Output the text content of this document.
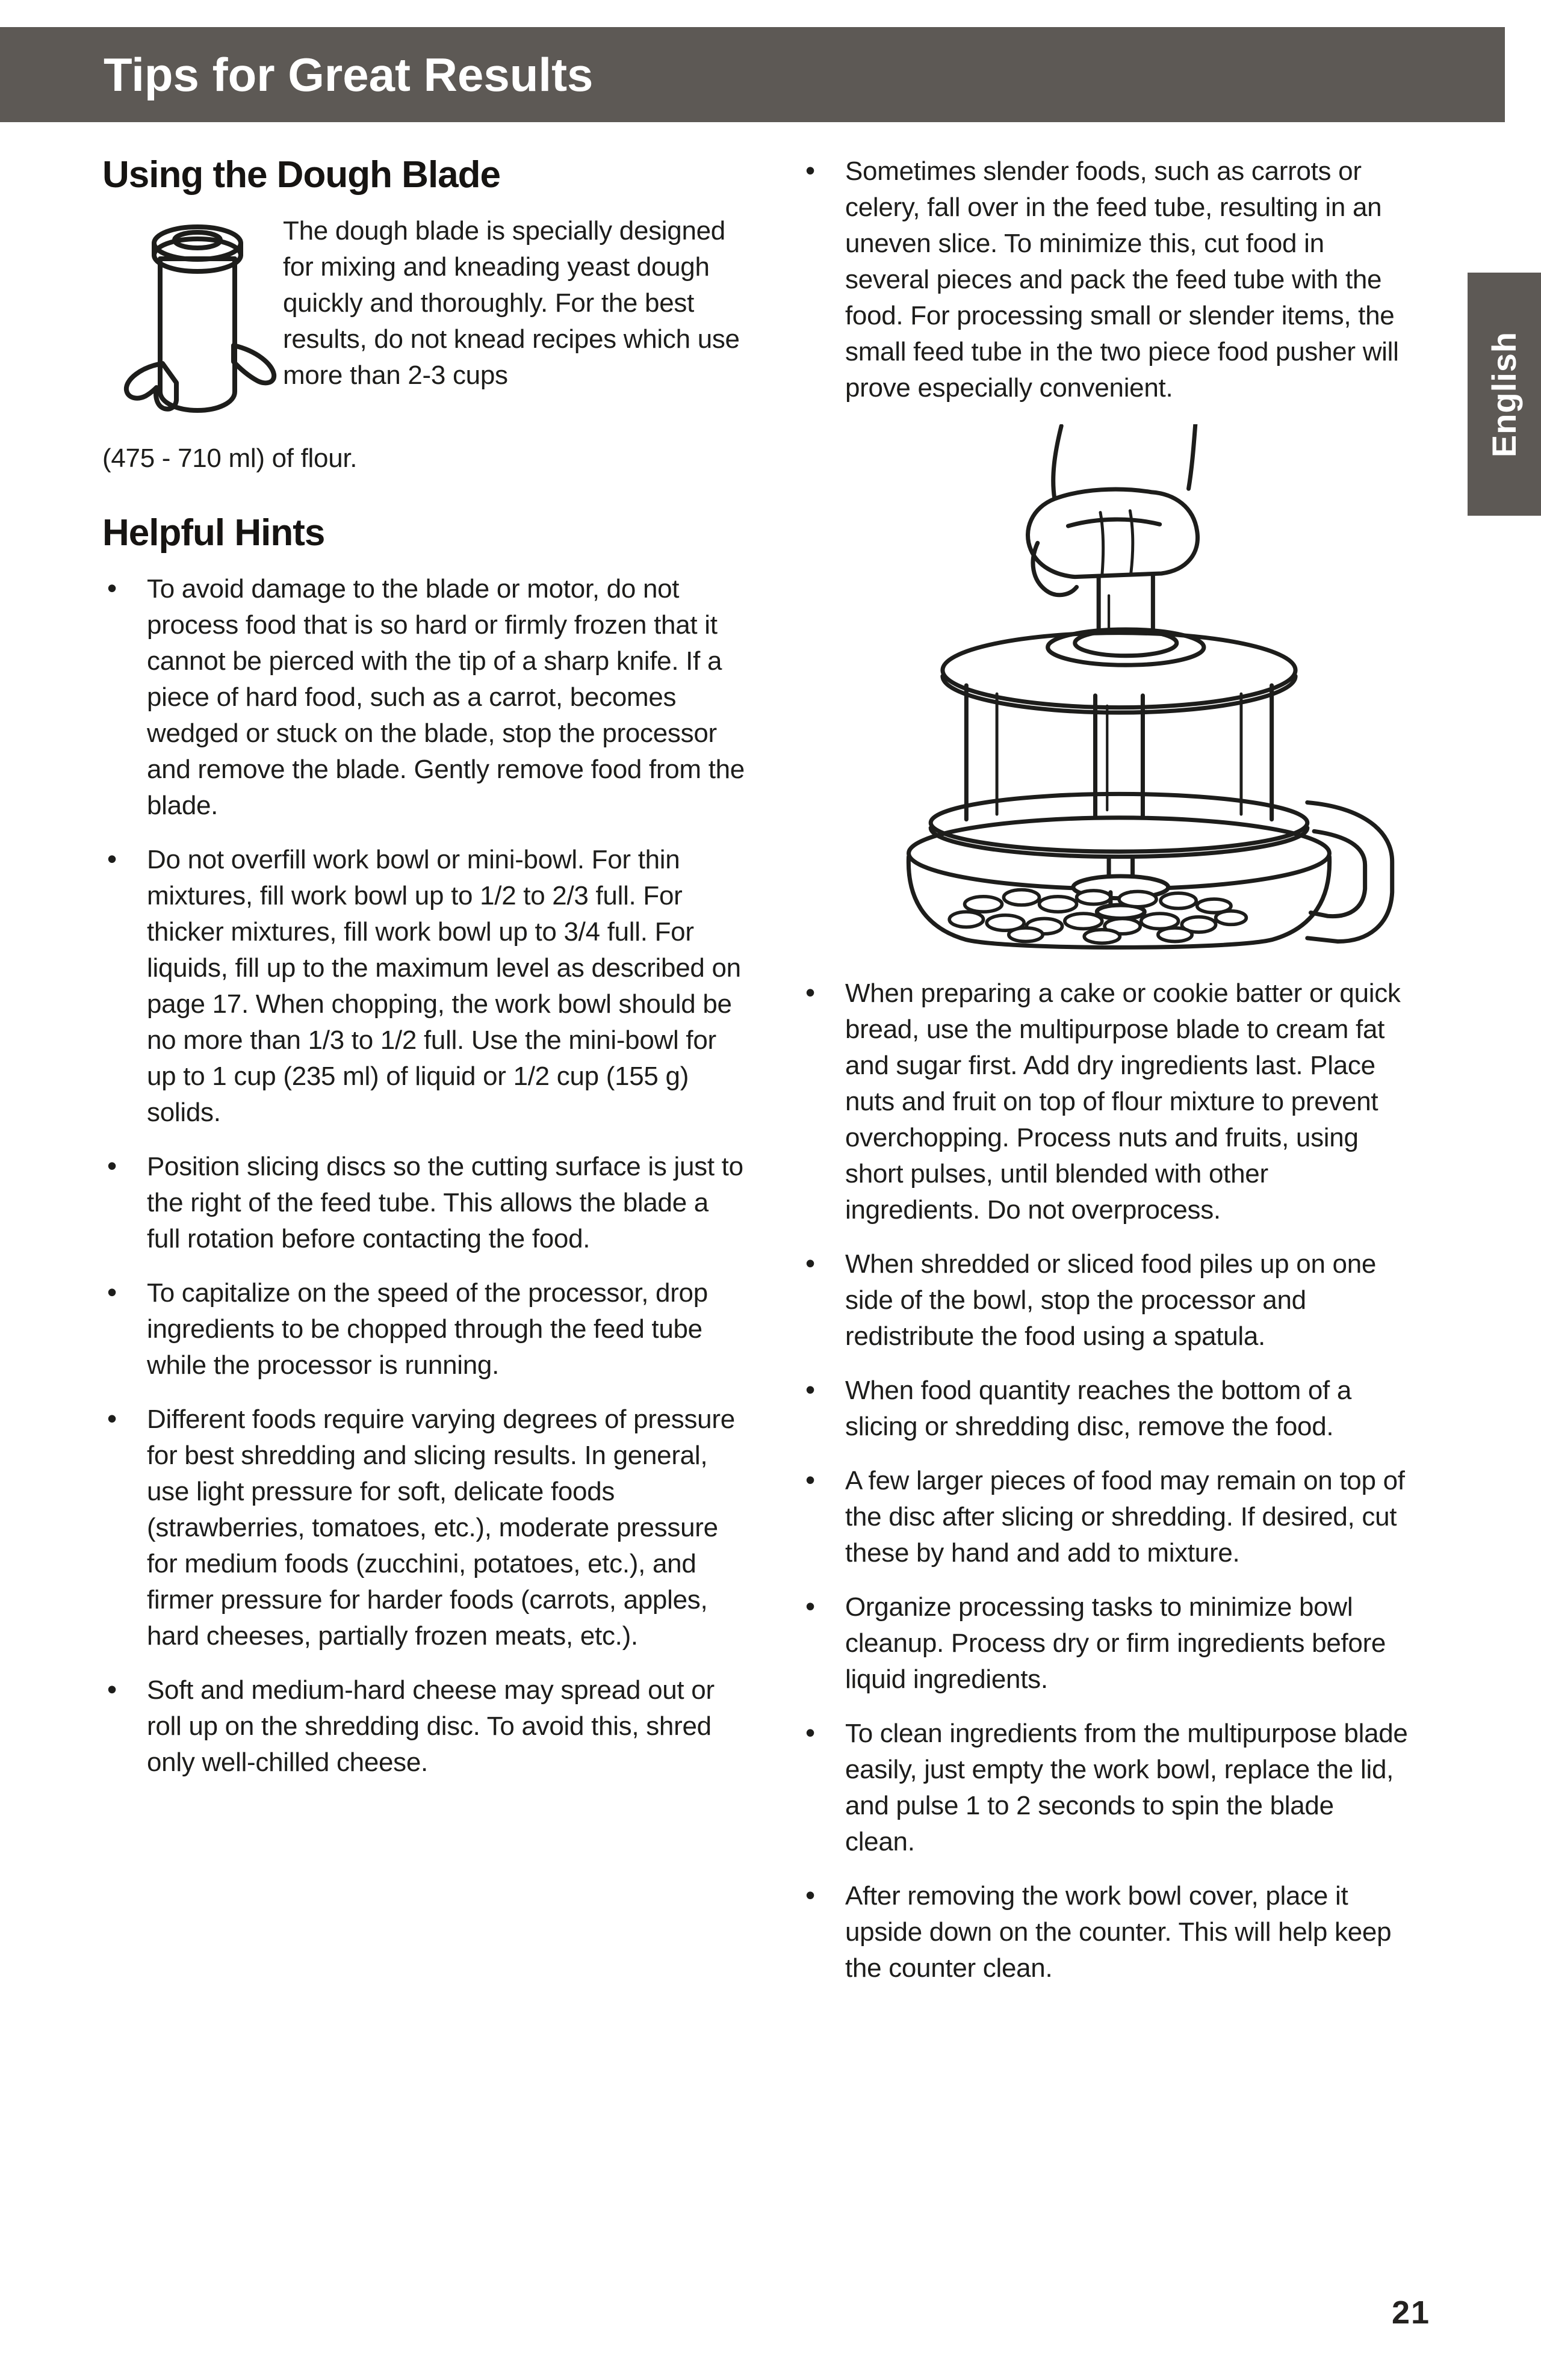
Tips for Great Results
English
Using the Dough Blade

The dough blade is specially designed for mixing and kneading yeast dough quickly and thoroughly. For the best results, do not knead recipes which use more than 2-3 cups

(475 - 710 ml) of flour.

Helpful Hints
• To avoid damage to the blade or motor, do not process food that is so hard or firmly frozen that it cannot be pierced with the tip of a sharp knife. If a piece of hard food, such as a carrot, becomes wedged or stuck on the blade, stop the processor and remove the blade. Gently remove food from the blade.
• Do not overfill work bowl or mini-bowl. For thin mixtures, fill work bowl up to 1/2 to 2/3 full. For thicker mixtures, fill work bowl up to 3/4 full. For liquids, fill up to the maximum level as described on page 17. When chopping, the work bowl should be no more than 1/3 to 1/2 full. Use the mini-bowl for up to 1 cup (235 ml) of liquid or 1/2 cup (155 g) solids.
• Position slicing discs so the cutting surface is just to the right of the feed tube. This allows the blade a full rotation before contacting the food.
• To capitalize on the speed of the processor, drop ingredients to be chopped through the feed tube while the processor is running.
• Different foods require varying degrees of pressure for best shredding and slicing results. In general, use light pressure for soft, delicate foods (strawberries, tomatoes, etc.), moderate pressure for medium foods (zucchini, potatoes, etc.), and firmer pressure for harder foods (carrots, apples, hard cheeses, partially frozen meats, etc.).
• Soft and medium-hard cheese may spread out or roll up on the shredding disc. To avoid this, shred only well-chilled cheese.
• Sometimes slender foods, such as carrots or celery, fall over in the feed tube, resulting in an uneven slice. To minimize this, cut food in several pieces and pack the feed tube with the food. For processing small or slender items, the small feed tube in the two piece food pusher will prove especially convenient.
• When preparing a cake or cookie batter or quick bread, use the multipurpose blade to cream fat and sugar first. Add dry ingredients last. Place nuts and fruit on top of flour mixture to prevent overchopping. Process nuts and fruits, using short pulses, until blended with other ingredients. Do not overprocess.
• When shredded or sliced food piles up on one side of the bowl, stop the processor and redistribute the food using a spatula.
• When food quantity reaches the bottom of a slicing or shredding disc, remove the food.
• A few larger pieces of food may remain on top of the disc after slicing or shredding. If desired, cut these by hand and add to mixture.
• Organize processing tasks to minimize bowl cleanup. Process dry or firm ingredients before liquid ingredients.
• To clean ingredients from the multipurpose blade easily, just empty the work bowl, replace the lid, and pulse 1 to 2 seconds to spin the blade clean.
• After removing the work bowl cover, place it upside down on the counter. This will help keep the counter clean.
21
